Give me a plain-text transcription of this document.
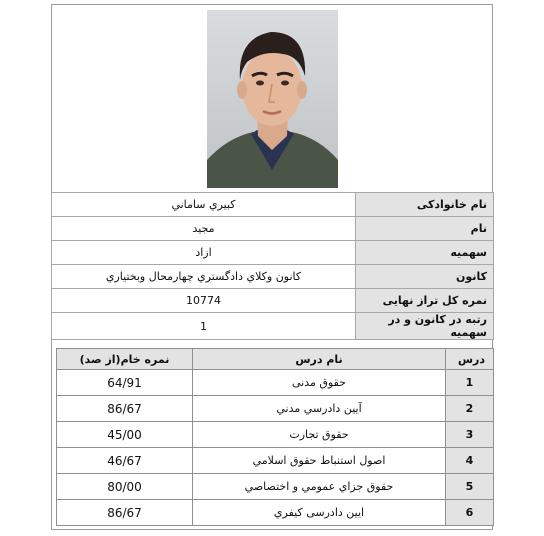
نام خانوادكى	كبيري ساماني
نام	مجيد
سهميه	ازاد
كانون	كانون وكلاي دادگستري چهارمحال وبختياري
نمره كل تراز نهايى	10774
رتبه در كانون و در سهميه	1
(نمره خام(از صد	نام درس	درس
64/91	حقوق مدنى	1
86/67	آيين دادرسي مدني	2
45/00	حقوق تجارت	3
46/67	اصول استنباط حقوق اسلامي	4
80/00	حقوق جزاي عمومي و اختصاصي	5
86/67	ايين دادرسى كيفري	6
